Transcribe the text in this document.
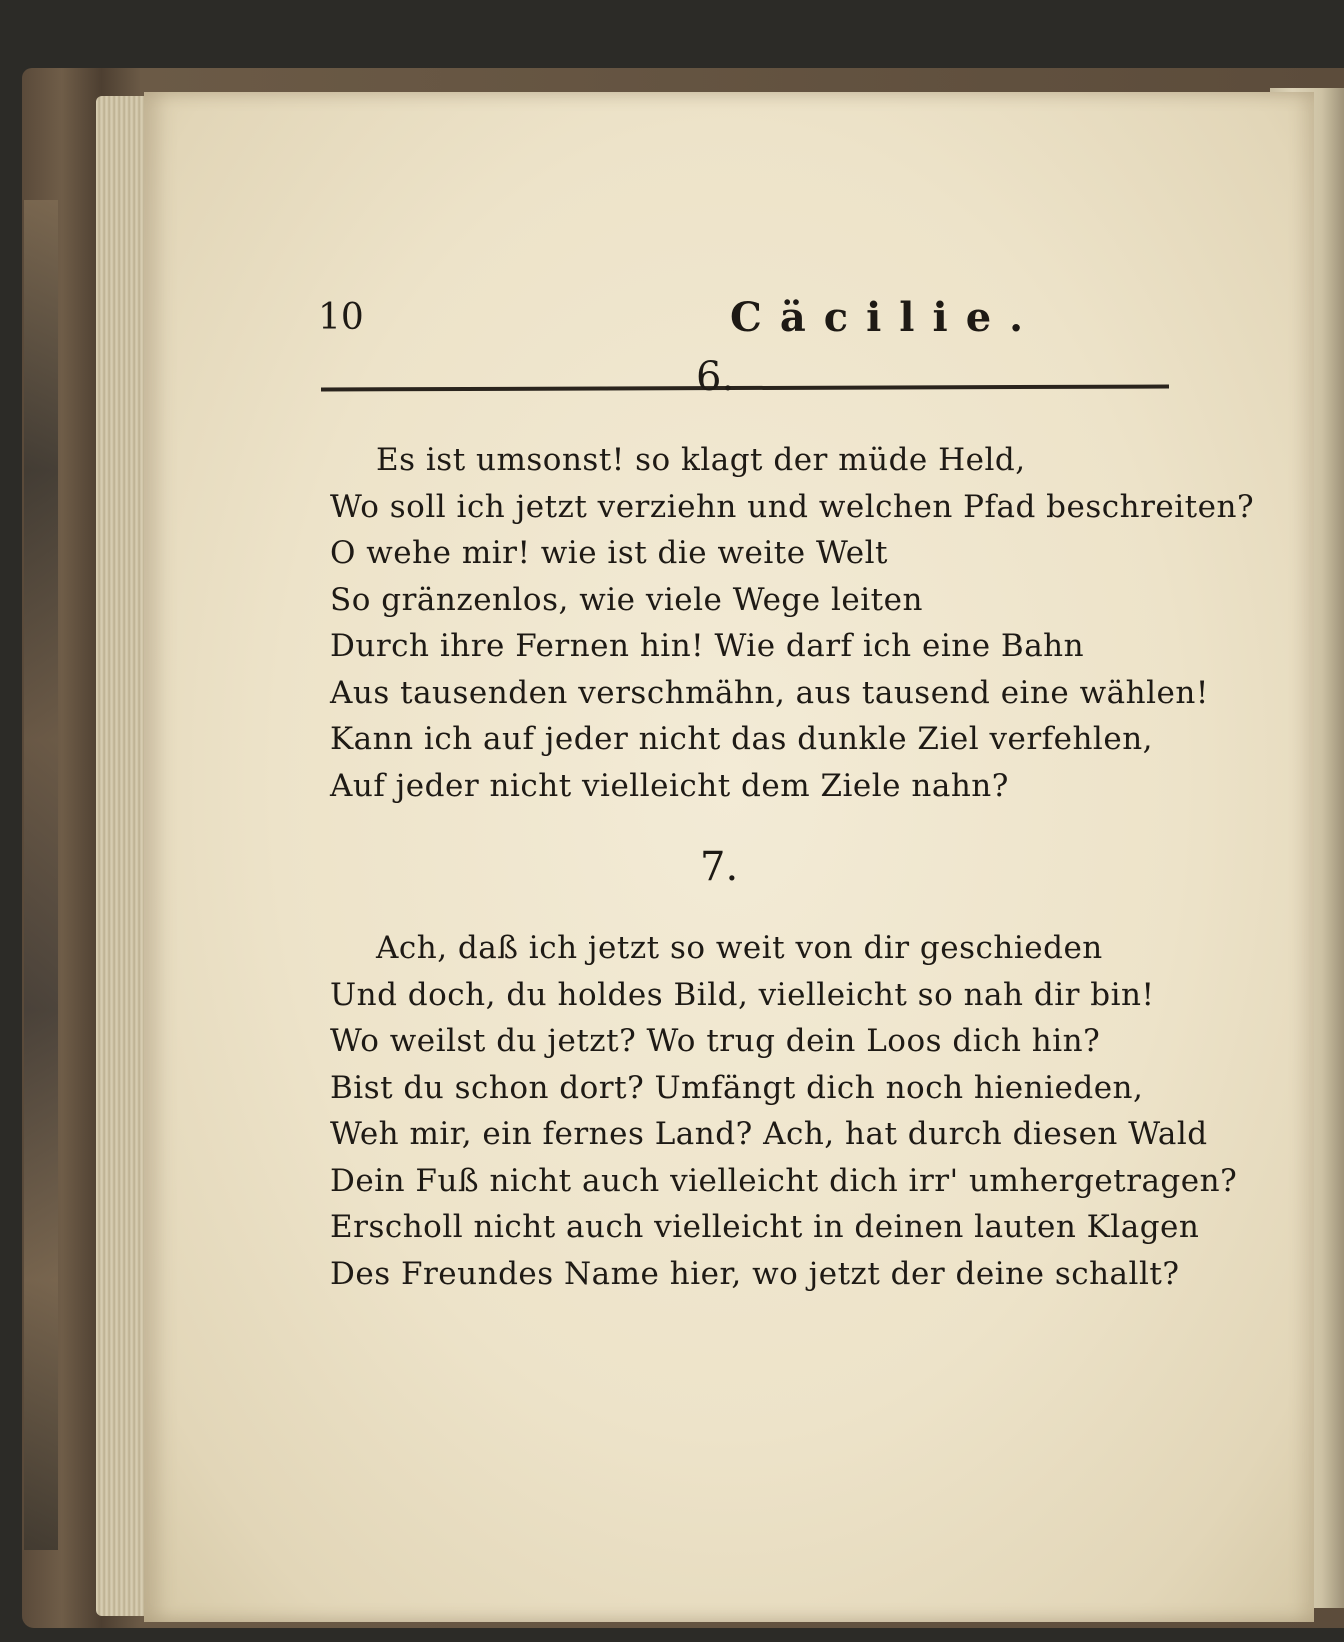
10	Cäcilie.
6.
Es ist umsonst! so klagt der müde Held,
Wo soll ich jetzt verziehn und welchen Pfad beschreiten?
O wehe mir! wie ist die weite Welt
So gränzenlos, wie viele Wege leiten
Durch ihre Fernen hin! Wie darf ich eine Bahn
Aus tausenden verschmähn, aus tausend eine wählen!
Kann ich auf jeder nicht das dunkle Ziel verfehlen,
Auf jeder nicht vielleicht dem Ziele nahn?
7.
Ach, daß ich jetzt so weit von dir geschieden
Und doch, du holdes Bild, vielleicht so nah dir bin!
Wo weilst du jetzt? Wo trug dein Loos dich hin?
Bist du schon dort? Umfängt dich noch hienieden,
Weh mir, ein fernes Land? Ach, hat durch diesen Wald
Dein Fuß nicht auch vielleicht dich irr' umhergetragen?
Erscholl nicht auch vielleicht in deinen lauten Klagen
Des Freundes Name hier, wo jetzt der deine schallt?
